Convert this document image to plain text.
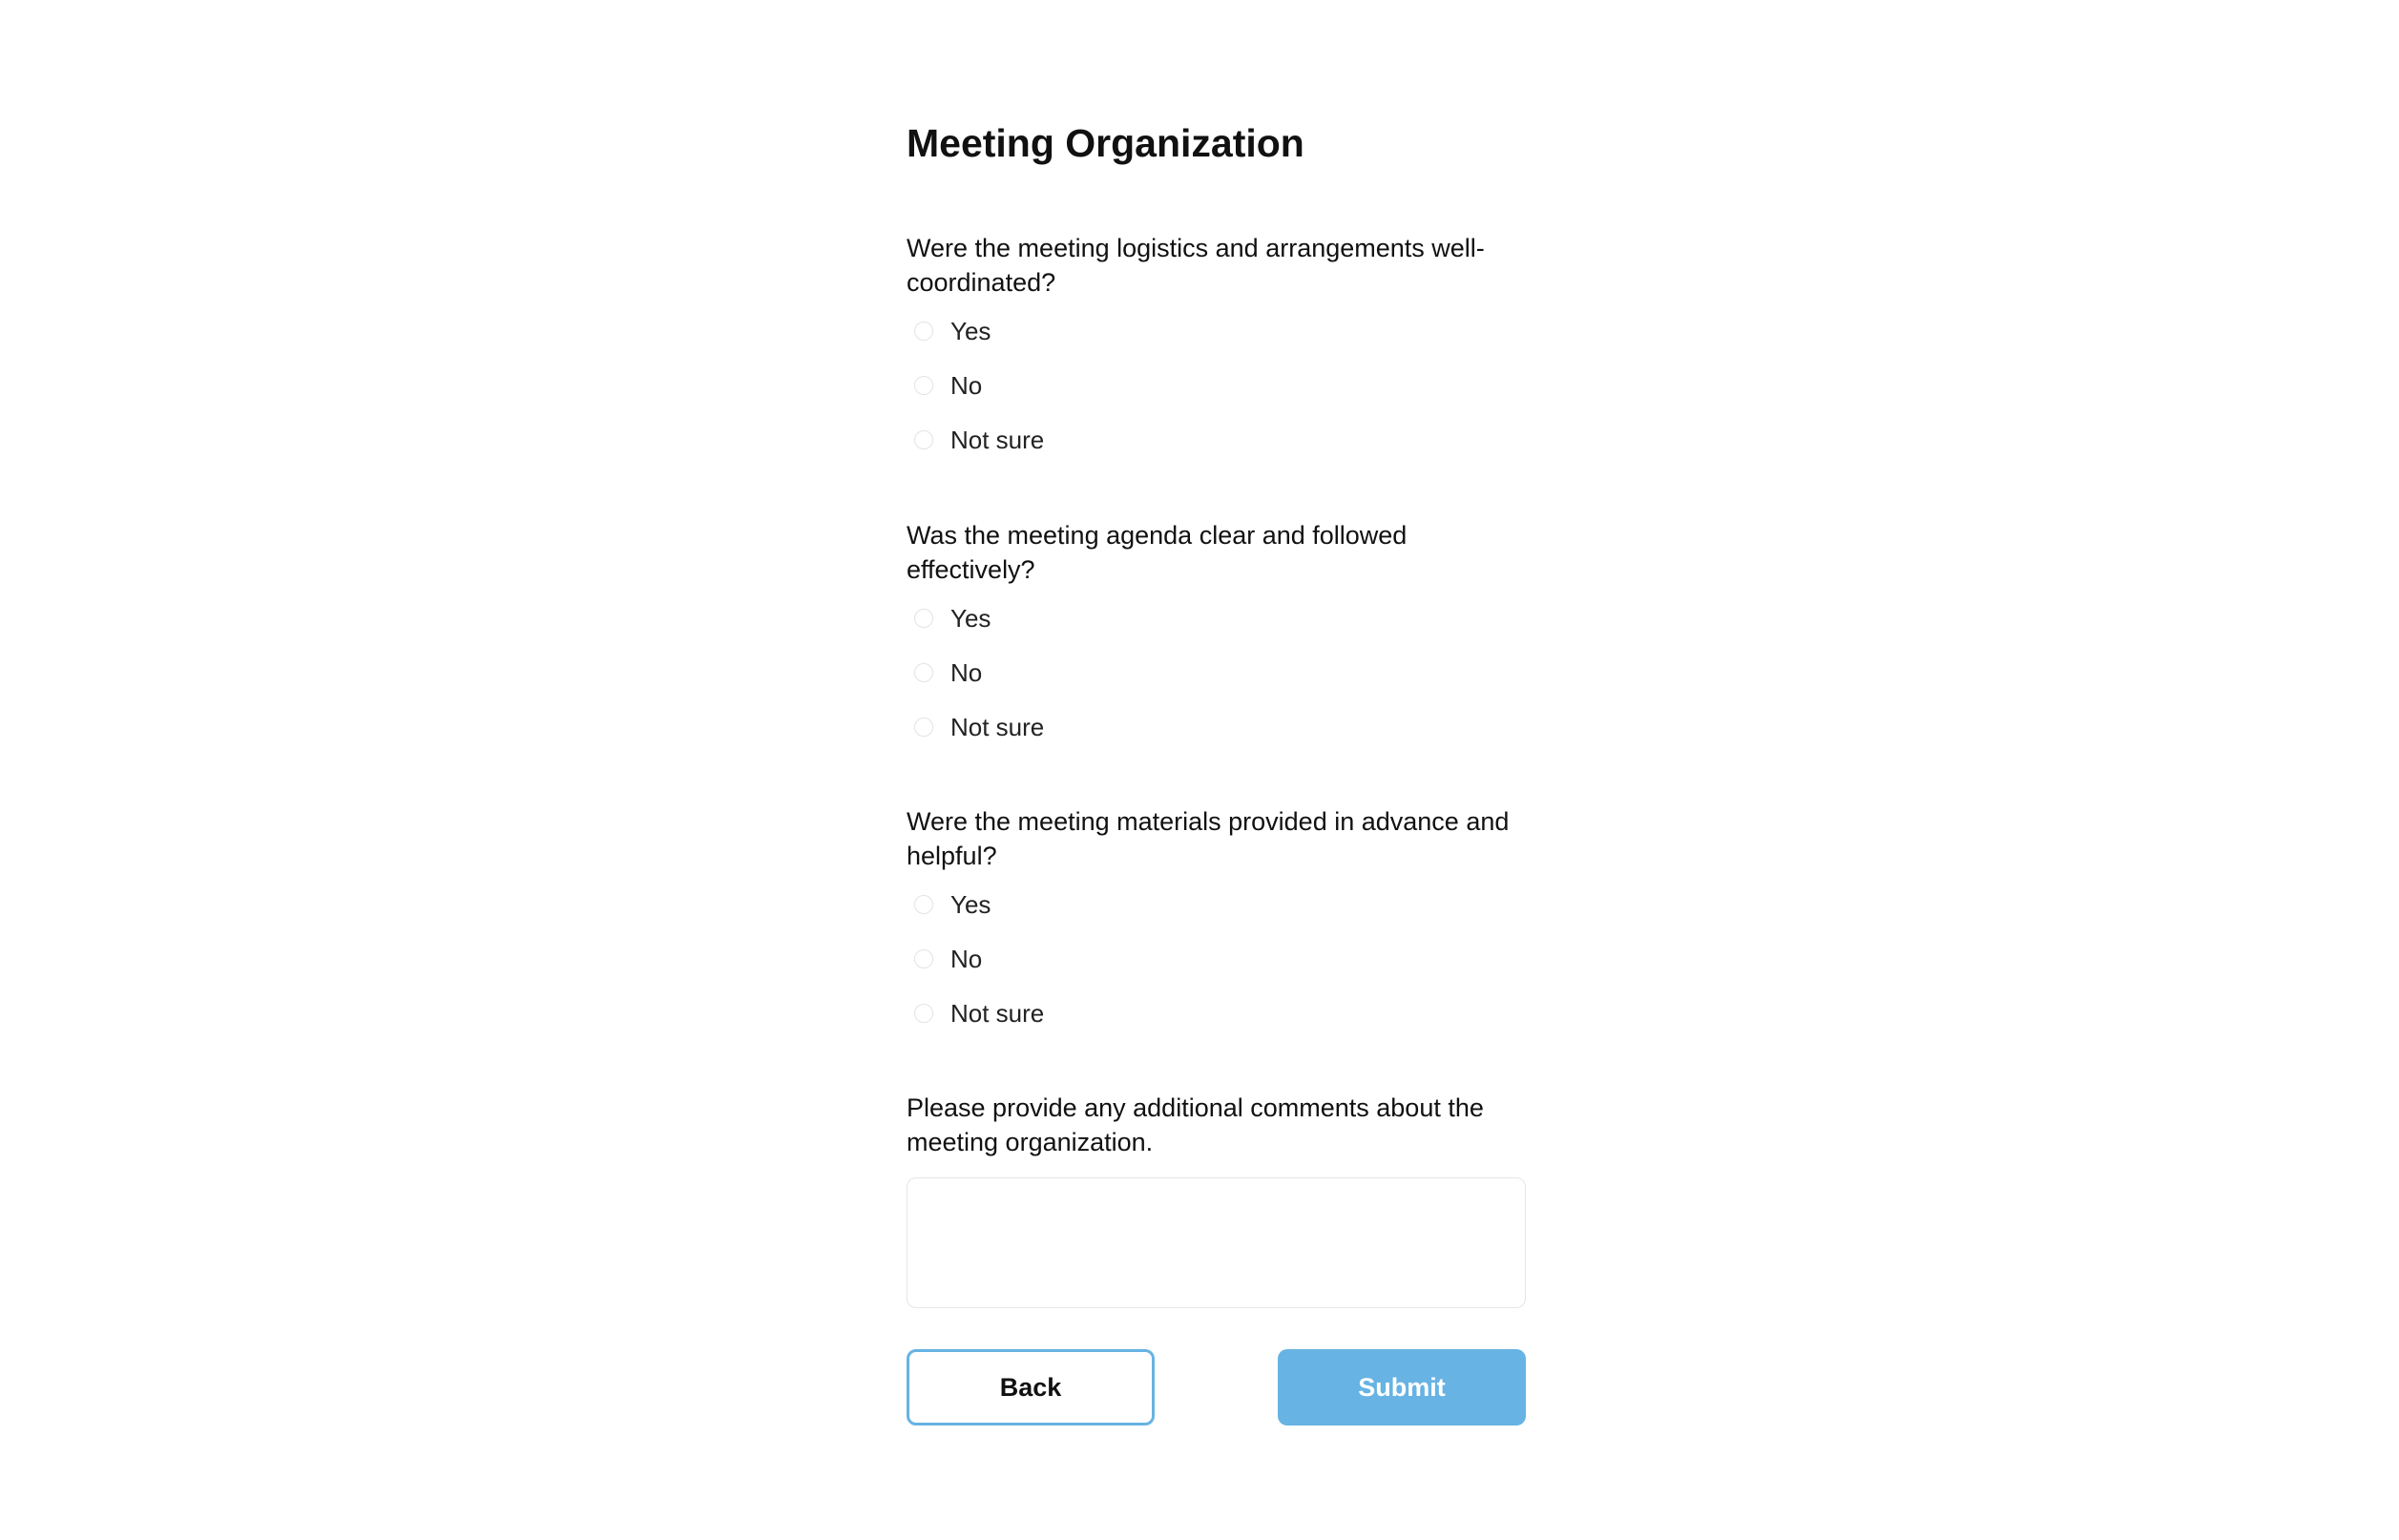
Meeting Organization

Were the meeting logistics and arrangements well-coordinated?

Yes
No
Not sure

Was the meeting agenda clear and followed effectively?

Yes
No
Not sure

Were the meeting materials provided in advance and helpful?

Yes
No
Not sure

Please provide any additional comments about the meeting organization.

Back	Submit
